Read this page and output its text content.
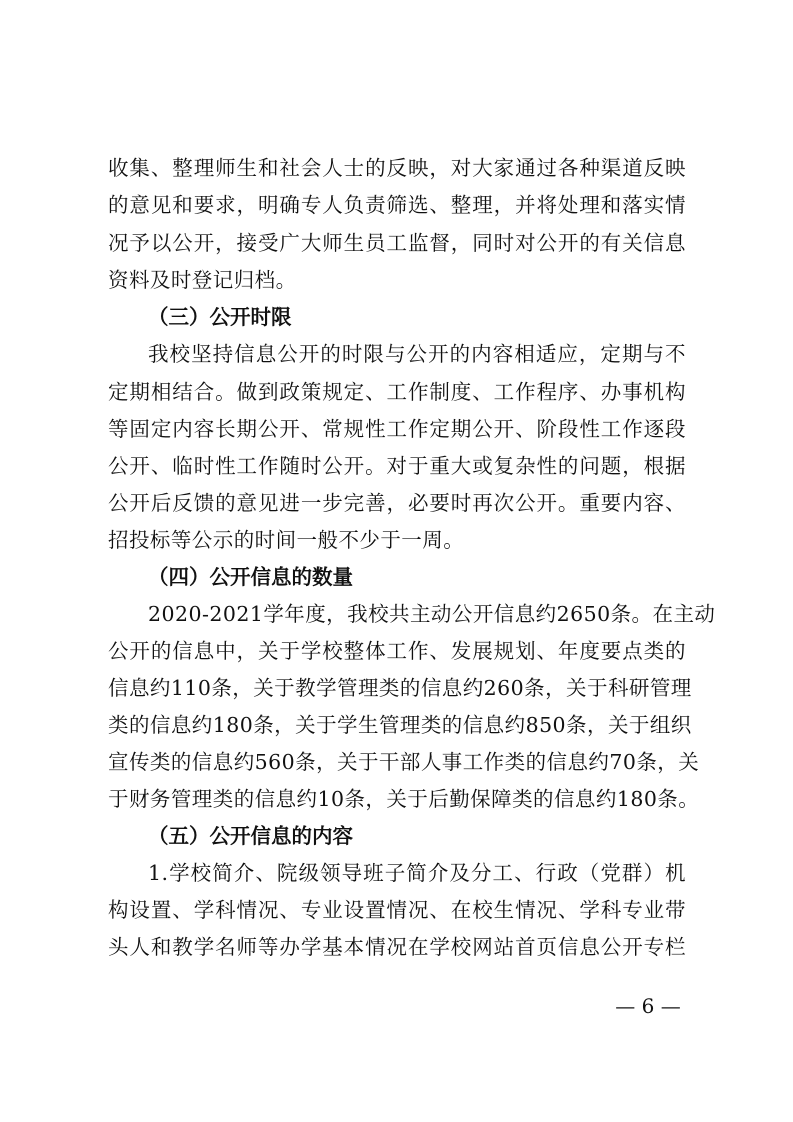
收集、整理师生和社会人士的反映，对大家通过各种渠道反映
的意见和要求，明确专人负责筛选、整理，并将处理和落实情
况予以公开，接受广大师生员工监督，同时对公开的有关信息
资料及时登记归档。
（三）公开时限
我校坚持信息公开的时限与公开的内容相适应，定期与不
定期相结合。做到政策规定、工作制度、工作程序、办事机构
等固定内容长期公开、常规性工作定期公开、阶段性工作逐段
公开、临时性工作随时公开。对于重大或复杂性的问题，根据
公开后反馈的意见进一步完善，必要时再次公开。重要内容、
招投标等公示的时间一般不少于一周。
（四）公开信息的数量
2020-2021学年度，我校共主动公开信息约2650条。在主动
公开的信息中，关于学校整体工作、发展规划、年度要点类的
信息约110条，关于教学管理类的信息约260条，关于科研管理
类的信息约180条，关于学生管理类的信息约850条，关于组织
宣传类的信息约560条，关于干部人事工作类的信息约70条，关
于财务管理类的信息约10条，关于后勤保障类的信息约180条。
（五）公开信息的内容
1.学校简介、院级领导班子简介及分工、行政（党群）机
构设置、学科情况、专业设置情况、在校生情况、学科专业带
头人和教学名师等办学基本情况在学校网站首页信息公开专栏
— 6 —
